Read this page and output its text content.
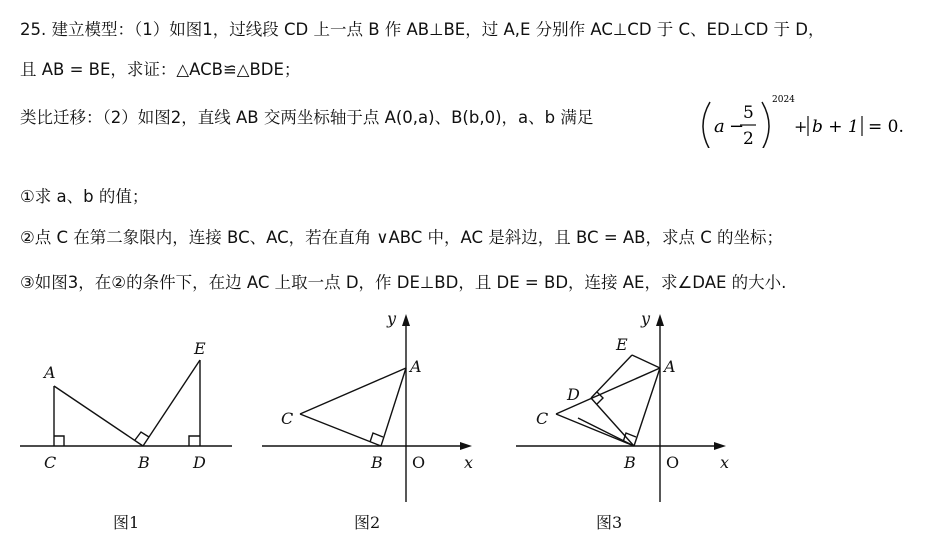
25. 建立模型：（1）如图1，过线段 CD 上一点 B 作 AB⊥BE，过 A,E 分别作 AC⊥CD 于 C、ED⊥CD 于 D，
且 AB = BE，求证：△ACB≌△BDE；
类比迁移：（2）如图2，直线 AB 交两坐标轴于点 A(0,a)、B(b,0)，a、b 满足	a −
5
2
2024
+ b + 1 = 0.
①求 a、b 的值；
②点 C 在第二象限内，连接 BC、AC，若在直角 ∨ABC 中，AC 是斜边，且 BC = AB，求点 C 的坐标；
③如图3，在②的条件下，在边 AC 上取一点 D，作 DE⊥BD，且 DE = BD，连接 AE，求∠DAE 的大小.
A
B
C	D
E
A
B
C
O x
y
A
B
C
D
E
O	x
y
图1	图2	图3
